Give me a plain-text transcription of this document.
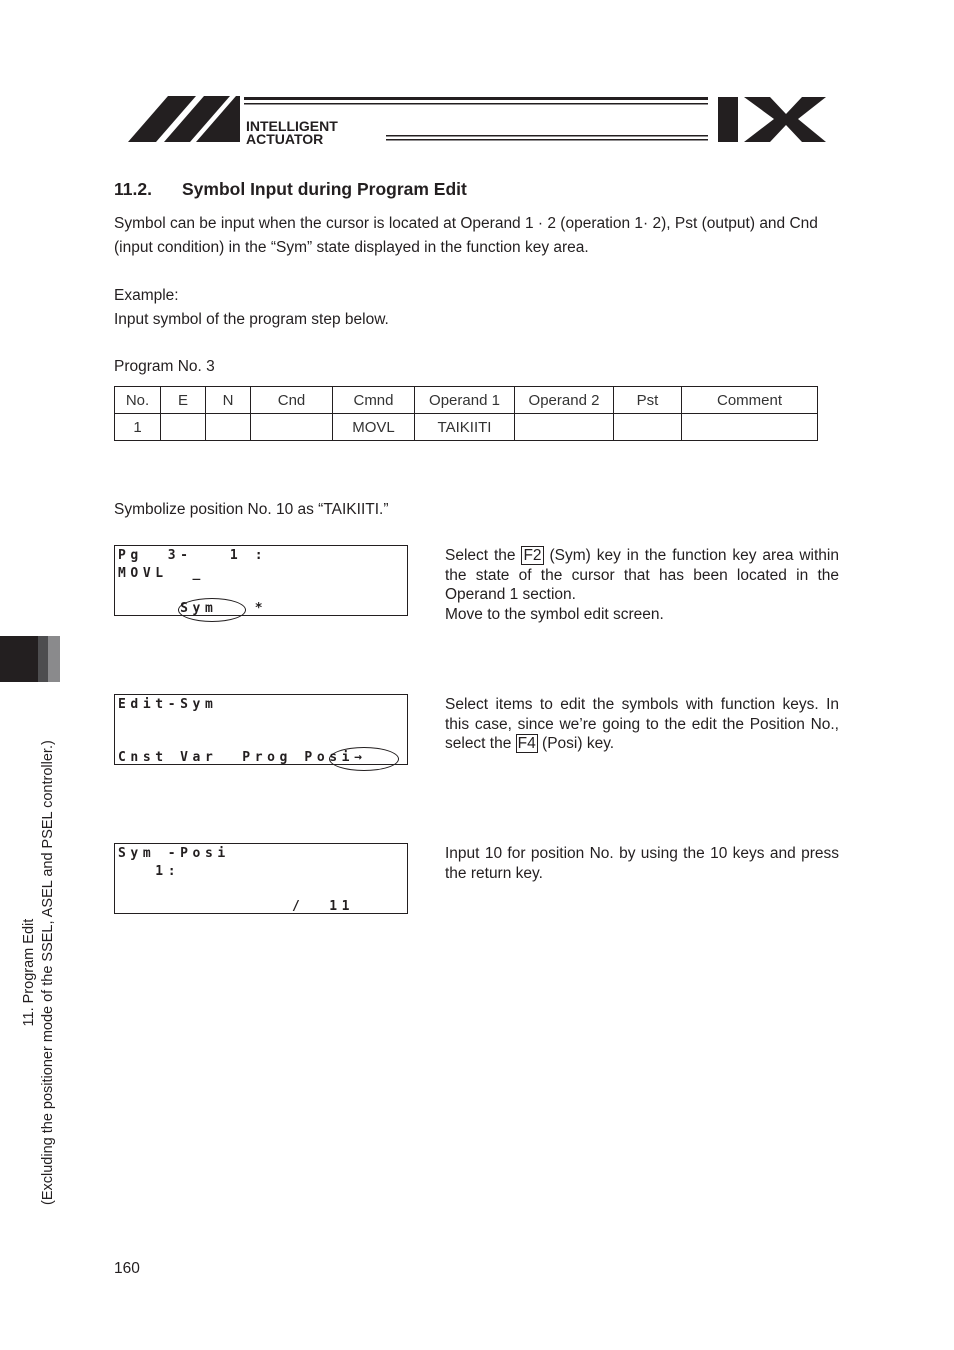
INTELLIGENT
ACTUATOR
11.2. Symbol Input during Program Edit
Symbol can be input when the cursor is located at Operand 1 · 2 (operation 1· 2), Pst (output) and Cnd (input condition) in the “Sym” state displayed in the function key area.
Example:
Input symbol of the program step below.
Program No. 3
No.	E	N	Cnd	Cmnd	Operand 1	Operand 2	Pst	Comment
1				MOVL	TAIKIITI			
Symbolize position No. 10 as “TAIKIITI.”
Pg  3-   1 :
MOVL  _
Sym   *
Select the F2 (Sym) key in the function key area within the state of the cursor that has been located in the Operand 1 section.
Move to the symbol edit screen.
Edit-Sym
Cnst Var  Prog Posi→
Select items to edit the symbols with function keys. In this case, since we’re going to the edit the Position No., select the F4 (Posi) key.
Sym -Posi
1:
/  11
Input 10 for position No. by using the 10 keys and press the return key.
11. Program Edit (Excluding the positioner mode of the SSEL, ASEL and PSEL controller.)
160
